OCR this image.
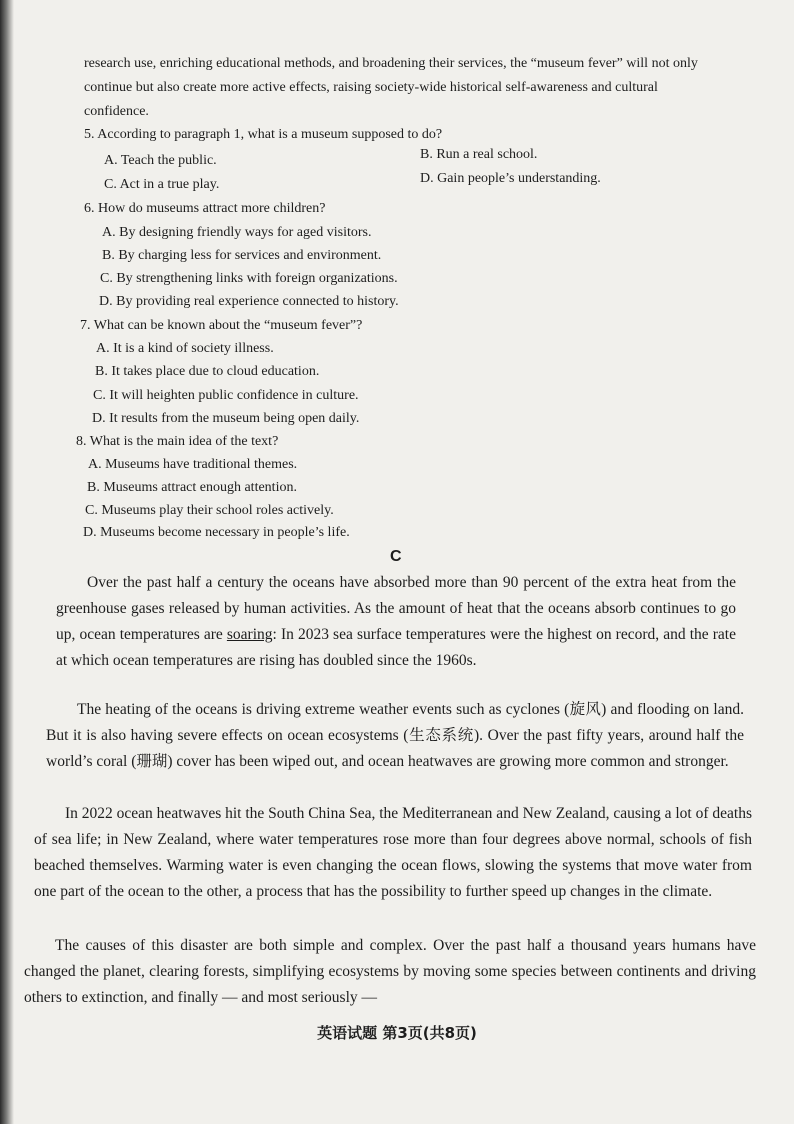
research use, enriching educational methods, and broadening their services, the “museum fever” will not only continue but also create more active effects, raising society-wide historical self-awareness and cultural confidence.
5. According to paragraph 1, what is a museum supposed to do?
A. Teach the public.	B. Run a real school.
C. Act in a true play.	D. Gain people’s understanding.
6. How do museums attract more children?
A. By designing friendly ways for aged visitors.
B. By charging less for services and environment.
C. By strengthening links with foreign organizations.
D. By providing real experience connected to history.
7. What can be known about the “museum fever”?
A. It is a kind of society illness.
B. It takes place due to cloud education.
C. It will heighten public confidence in culture.
D. It results from the museum being open daily.
8. What is the main idea of the text?
A. Museums have traditional themes.
B. Museums attract enough attention.
C. Museums play their school roles actively.
D. Museums become necessary in people’s life.
C

Over the past half a century the oceans have absorbed more than 90 percent of the extra heat from the greenhouse gases released by human activities. As the amount of heat that the oceans absorb continues to go up, ocean temperatures are soaring: In 2023 sea surface temperatures were the highest on record, and the rate at which ocean temperatures are rising has doubled since the 1960s.

The heating of the oceans is driving extreme weather events such as cyclones (旋风) and flooding on land. But it is also having severe effects on ocean ecosystems (生态系统). Over the past fifty years, around half the world’s coral (珊瑚) cover has been wiped out, and ocean heatwaves are growing more common and stronger.

In 2022 ocean heatwaves hit the South China Sea, the Mediterranean and New Zealand, causing a lot of deaths of sea life; in New Zealand, where water temperatures rose more than four degrees above normal, schools of fish beached themselves. Warming water is even changing the ocean flows, slowing the systems that move water from one part of the ocean to the other, a process that has the possibility to further speed up changes in the climate.

The causes of this disaster are both simple and complex. Over the past half a thousand years humans have changed the planet, clearing forests, simplifying ecosystems by moving some species between continents and driving others to extinction, and finally — and most seriously —

英语试题 第3页(共8页)
